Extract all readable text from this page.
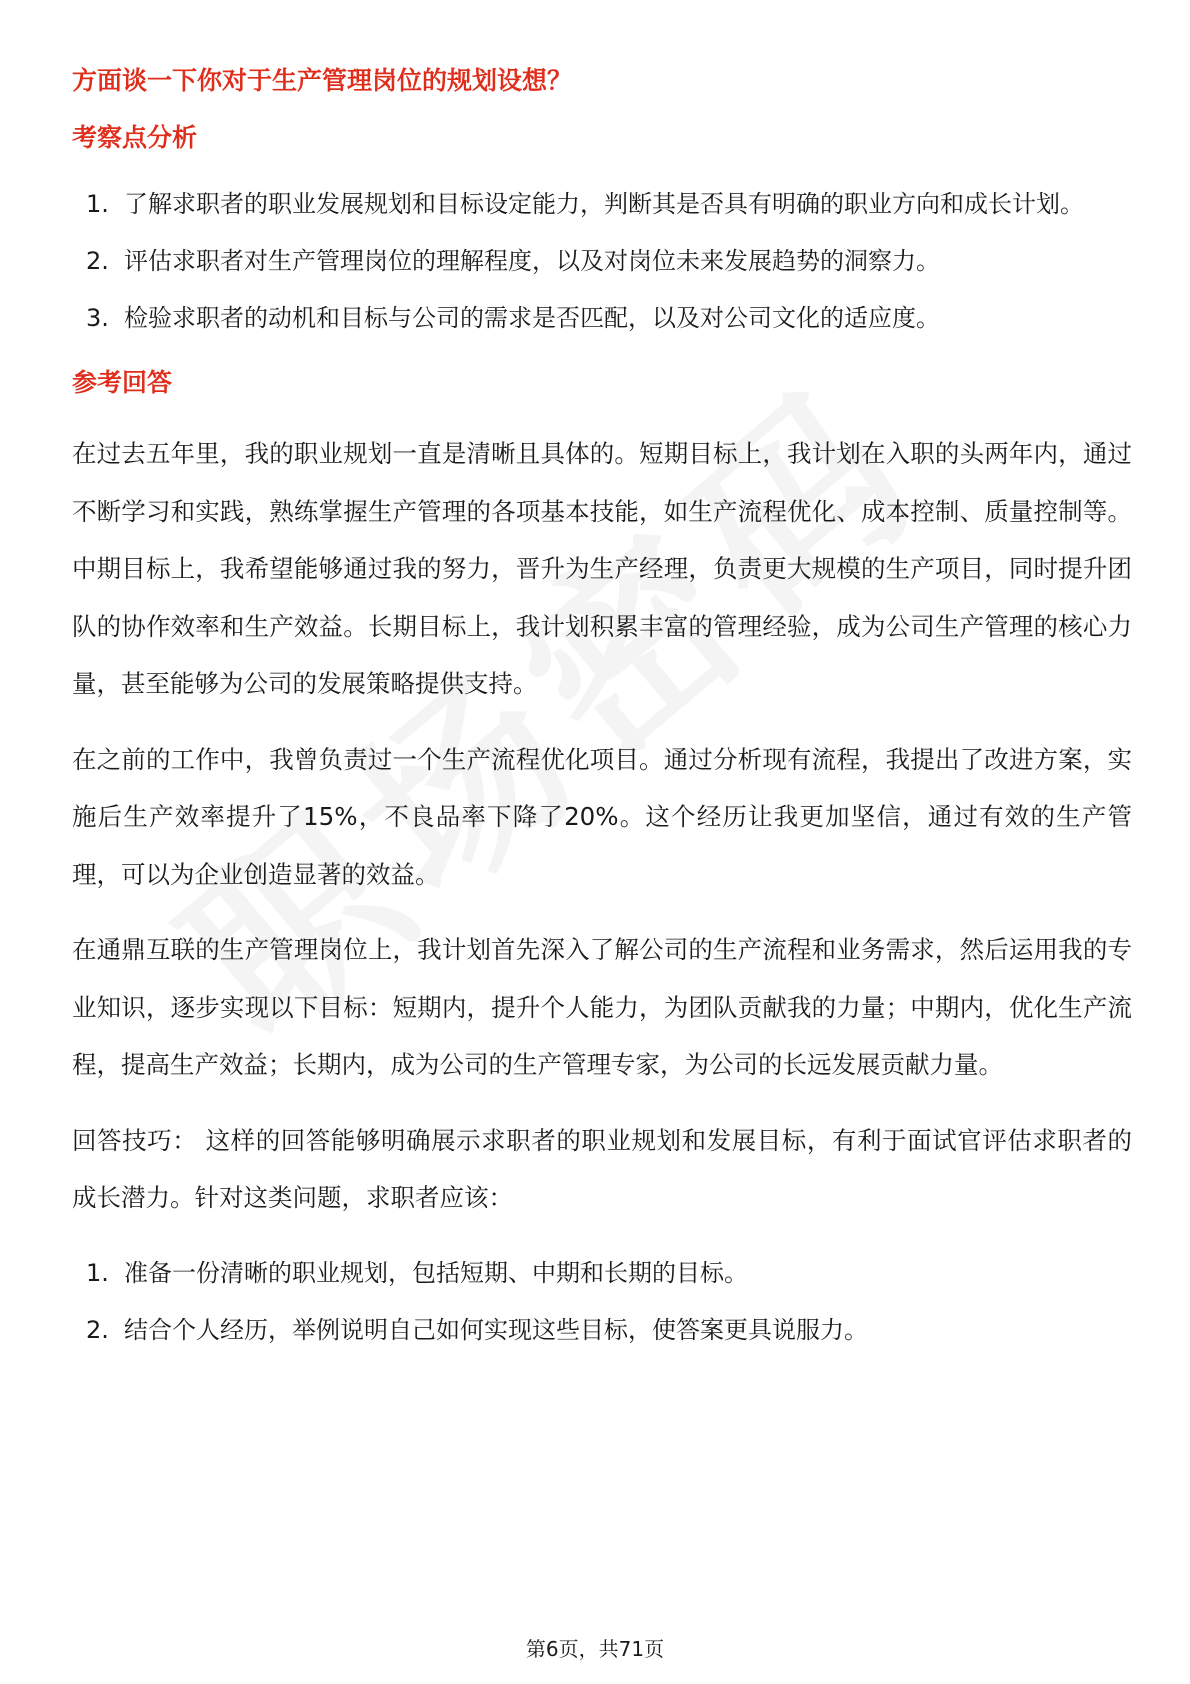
方面谈一下你对于生产管理岗位的规划设想？
考察点分析
1. 了解求职者的职业发展规划和目标设定能力，判断其是否具有明确的职业方向和成长计划。
2. 评估求职者对生产管理岗位的理解程度，以及对岗位未来发展趋势的洞察力。
3. 检验求职者的动机和目标与公司的需求是否匹配，以及对公司文化的适应度。
参考回答

在过去五年里，我的职业规划一直是清晰且具体的。短期目标上，我计划在入职的头两年内，通过不断学习和实践，熟练掌握生产管理的各项基本技能，如生产流程优化、成本控制、质量控制等。中期目标上，我希望能够通过我的努力，晋升为生产经理，负责更大规模的生产项目，同时提升团队的协作效率和生产效益。长期目标上，我计划积累丰富的管理经验，成为公司生产管理的核心力量，甚至能够为公司的发展策略提供支持。

在之前的工作中，我曾负责过一个生产流程优化项目。通过分析现有流程，我提出了改进方案，实施后生产效率提升了15%，不良品率下降了20%。这个经历让我更加坚信，通过有效的生产管理，可以为企业创造显著的效益。

在通鼎互联的生产管理岗位上，我计划首先深入了解公司的生产流程和业务需求，然后运用我的专业知识，逐步实现以下目标：短期内，提升个人能力，为团队贡献我的力量；中期内，优化生产流程，提高生产效益；长期内，成为公司的生产管理专家，为公司的长远发展贡献力量。

回答技巧： 这样的回答能够明确展示求职者的职业规划和发展目标，有利于面试官评估求职者的成长潜力。针对这类问题，求职者应该：

1. 准备一份清晰的职业规划，包括短期、中期和长期的目标。
2. 结合个人经历，举例说明自己如何实现这些目标，使答案更具说服力。
第6页，共71页
